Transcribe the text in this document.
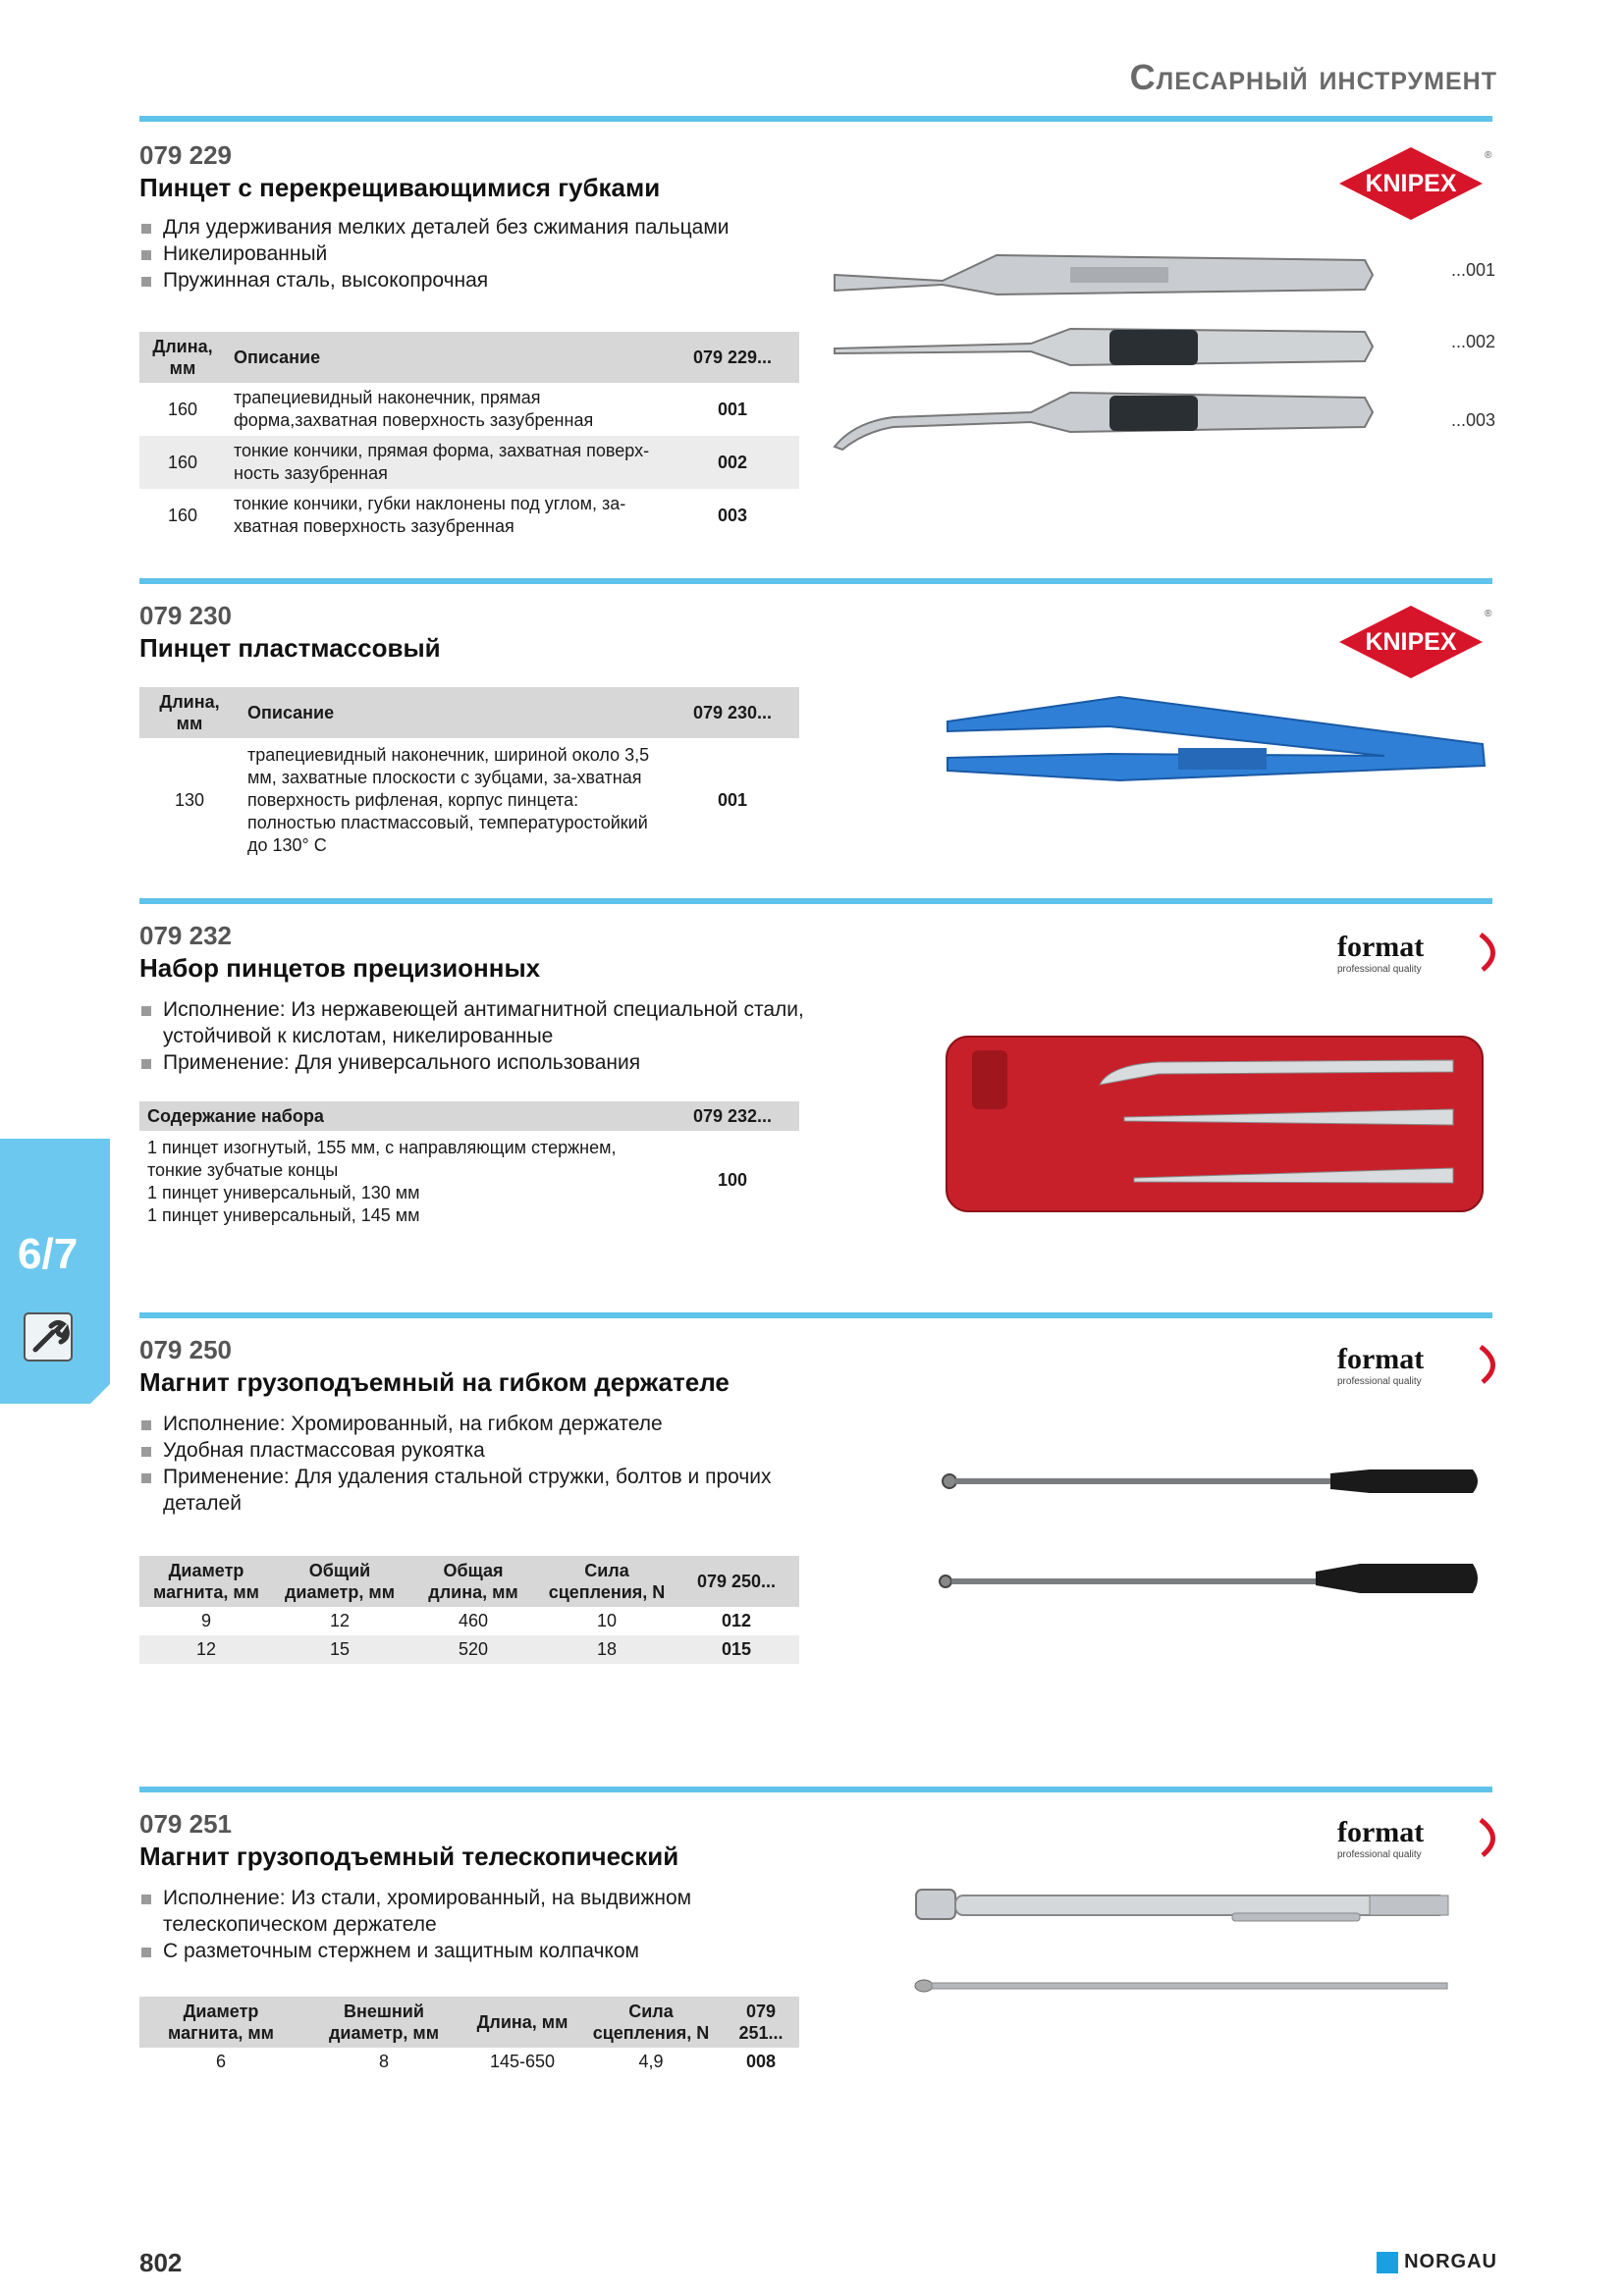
Слесарный инструмент
079 229
Пинцет с перекрещивающимися губками	KNIPEX
®
Для удерживания мелких деталей без сжимания пальцами
Никелированный
Пружинная сталь, высокопрочная
Длина, мм	Описание	079 229...
160	трапециевидный наконечник, прямая форма,захватная поверхность зазубренная	001
160	тонкие кончики, прямая форма, захватная поверх-ность зазубренная	002
160	тонкие кончики, губки наклонены под углом, за-хватная поверхность зазубренная	003
...001
...002
...003
079 230
Пинцет пластмассовый	KNIPEX
®
Длина, мм	Описание	079 230...
130	трапециевидный наконечник, шириной около 3,5 мм, захватные плоскости с зубцами, за-хватная поверхность рифленая, корпус пинцета: полностью пластмассовый, температуростойкий до 130° C	001
079 232
Набор пинцетов прецизионных
format
professional quality
Исполнение: Из нержавеющей антимагнитной специальной стали, устойчивой к кислотам, никелированные
Применение: Для универсального использования
Содержание набора	079 232...

1 пинцет изогнутый, 155 мм, с направляющим стержнем, тонкие зубчатые концы
1 пинцет универсальный, 130 мм
1 пинцет универсальный, 145 мм	100
079 250
Магнит грузоподъемный на гибком держателе
format
professional quality
Исполнение: Хромированный, на гибком держателе
Удобная пластмассовая рукоятка
Применение: Для удаления стальной стружки, болтов и прочих деталей
Диаметр магнита, мм	Общий диаметр, мм	Общая длина, мм	Сила сцепления, N	079 250...
9	12	460	10	012
12	15	520	18	015
079 251
Магнит грузоподъемный телескопический
format
professional quality
Исполнение: Из стали, хромированный, на выдвижном телескопическом держателе
С разметочным стержнем и защитным колпачком
Диаметр магнита, мм	Внешний диаметр, мм	Длина, мм	Сила сцепления, N	079 251...
6	8	145-650	4,9	008
6/7
802	NORGAU
